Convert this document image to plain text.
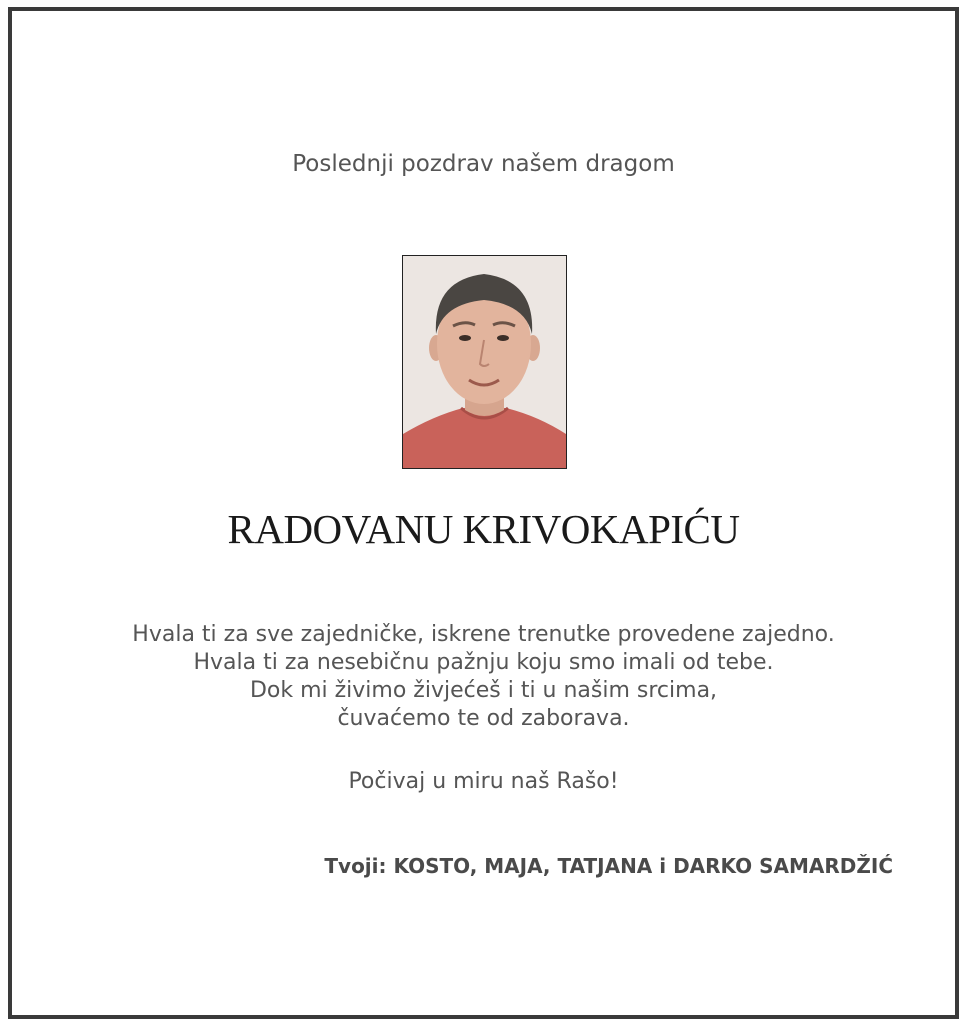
Poslednji pozdrav našem dragom
RADOVANU KRIVOKAPIĆU
Hvala ti za sve zajedničke, iskrene trenutke provedene zajedno.
Hvala ti za nesebičnu pažnju koju smo imali od tebe.
Dok mi živimo živjećeš i ti u našim srcima,
čuvaćemo te od zaborava.
Počivaj u miru naš Rašo!
Tvoji: KOSTO, MAJA, TATJANA i DARKO SAMARDŽIĆ
